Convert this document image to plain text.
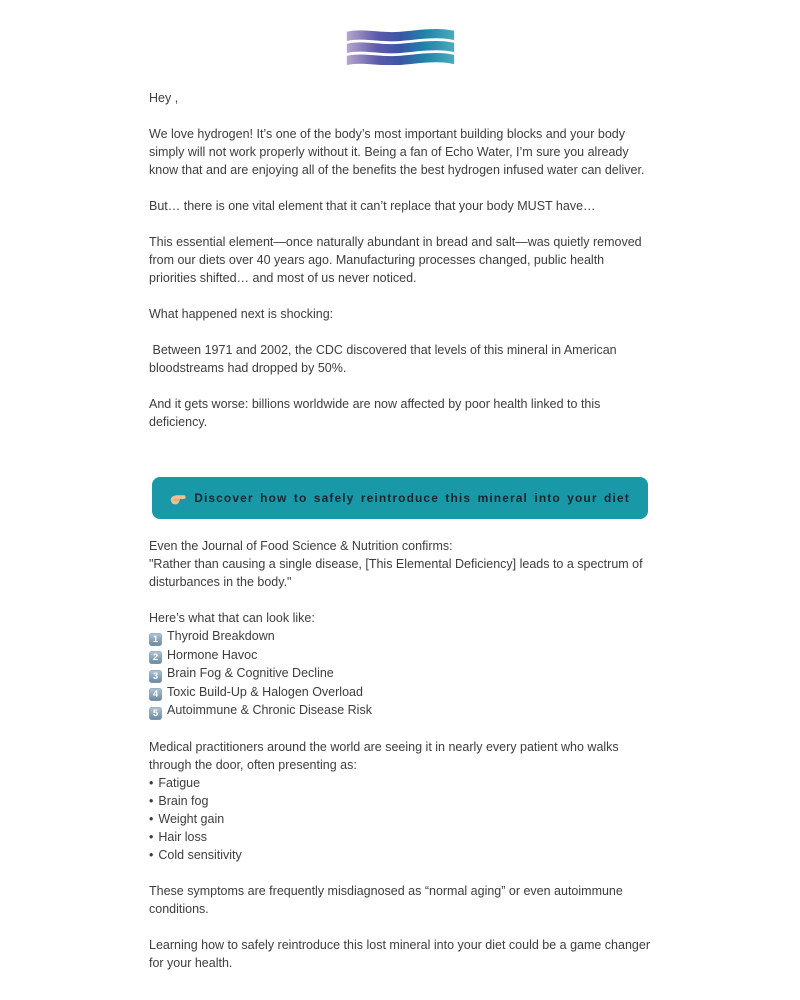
Hey ,

We love hydrogen! It’s one of the body’s most important building blocks and your body simply will not work properly without it. Being a fan of Echo Water, I’m sure you already know that and are enjoying all of the benefits the best hydrogen infused water can deliver.

But… there is one vital element that it can’t replace that your body MUST have…

This essential element—once naturally abundant in bread and salt—was quietly removed from our diets over 40 years ago. Manufacturing processes changed, public health priorities shifted… and most of us never noticed.

What happened next is shocking:

Between 1971 and 2002, the CDC discovered that levels of this mineral in American bloodstreams had dropped by 50%.

And it gets worse: billions worldwide are now affected by poor health linked to this deficiency.

Discover how to safely reintroduce this mineral into your diet
Even the Journal of Food Science & Nutrition confirms:
"Rather than causing a single disease, [This Elemental Deficiency] leads to a spectrum of disturbances in the body."
Here’s what that can look like:
1 Thyroid Breakdown
2 Hormone Havoc
3 Brain Fog & Cognitive Decline
4 Toxic Build-Up & Halogen Overload
5 Autoimmune & Chronic Disease Risk
Medical practitioners around the world are seeing it in nearly every patient who walks through the door, often presenting as:
• Fatigue
• Brain fog
• Weight gain
• Hair loss
• Cold sensitivity

These symptoms are frequently misdiagnosed as “normal aging” or even autoimmune conditions.

Learning how to safely reintroduce this lost mineral into your diet could be a game changer for your health.
